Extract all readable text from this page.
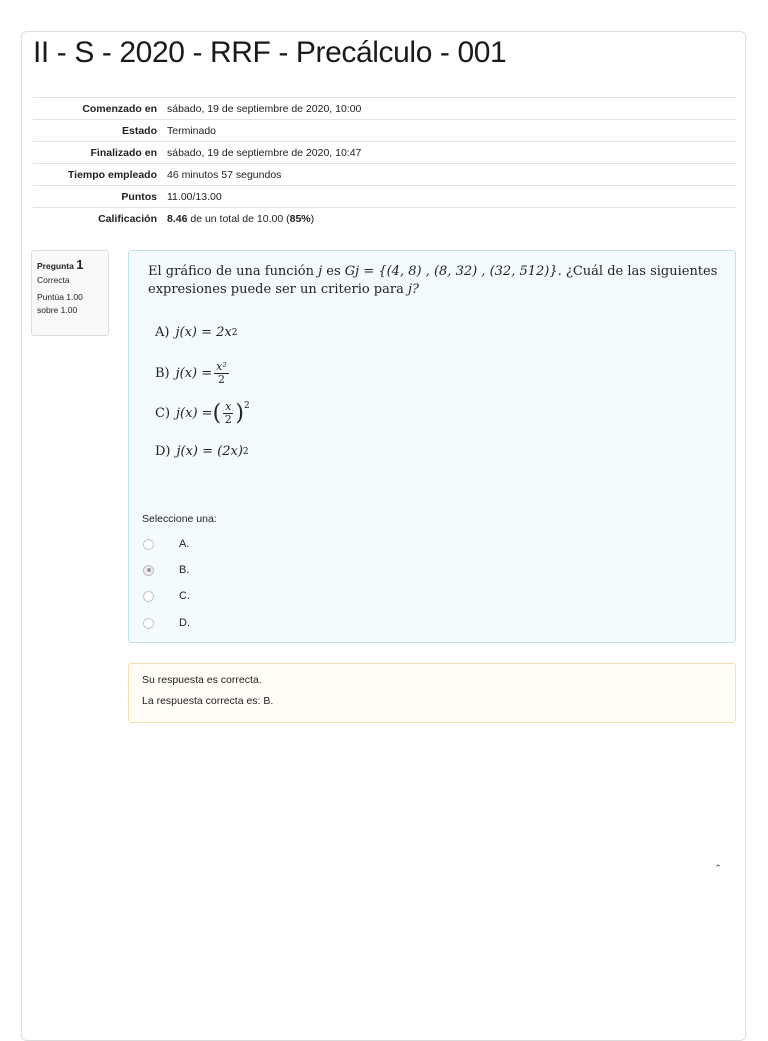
II - S - 2020 - RRF - Precálculo - 001
Comenzado en	sábado, 19 de septiembre de 2020, 10:00
Estado	Terminado
Finalizado en	sábado, 19 de septiembre de 2020, 10:47
Tiempo empleado	46 minutos 57 segundos
Puntos	11.00/13.00
Calificación	8.46 de un total de 10.00 (85%)
Pregunta 1
Correcta
Puntúa 1.00 sobre 1.00
El gráfico de una función j es Gj = {(4, 8) , (8, 32) , (32, 512)}. ¿Cuál de las siguientes expresiones puede ser un criterio para j?
A) j(x) = 2x 2
B) $j(x) = \frac{\text{x²}}{2}$
C) j(x) = ( $\frac{x}{2} )^2$
D) j(x) = (2x) 2
Seleccione una:
A.
B.
C.
D.
Su respuesta es correcta.
La respuesta correcta es: B.
ˆ
